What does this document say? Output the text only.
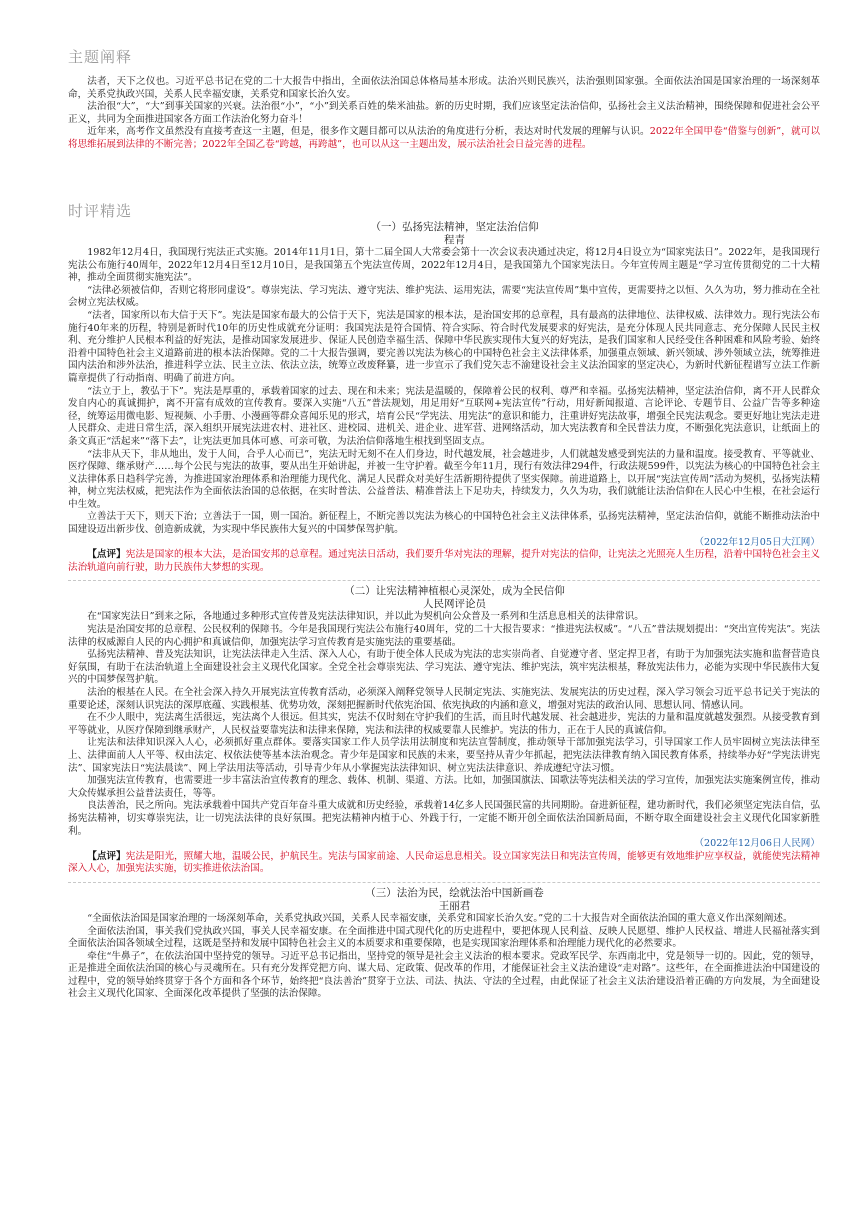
主题阐释

法者，天下之仪也。习近平总书记在党的二十大报告中指出，全面依法治国总体格局基本形成。法治兴则民族兴，法治强则国家强。全面依法治国是国家治理的一场深刻革命，关系党执政兴国，关系人民幸福安康，关系党和国家长治久安。

法治很“大”，“大”到事关国家的兴衰。法治很“小”，“小”到关系百姓的柴米油盐。新的历史时期，我们应该坚定法治信仰，弘扬社会主义法治精神，围绕保障和促进社会公平正义，共同为全面推进国家各方面工作法治化努力奋斗！

近年来，高考作文虽然没有直接考查这一主题，但是，很多作文题目都可以从法治的角度进行分析，表达对时代发展的理解与认识。2022年全国甲卷“借鉴与创新”，就可以将思维拓展到法律的不断完善；2022年全国乙卷“跨越，再跨越”，也可以从这一主题出发，展示法治社会日益完善的进程。

时评精选

（一）弘扬宪法精神，坚定法治信仰

程青

1982年12月4日，我国现行宪法正式实施。2014年11月1日，第十二届全国人大常委会第十一次会议表决通过决定，将12月4日设立为“国家宪法日”。2022年，是我国现行宪法公布施行40周年，2022年12月4日至12月10日，是我国第五个宪法宣传周，2022年12月4日，是我国第九个国家宪法日。今年宣传周主题是“学习宣传贯彻党的二十大精神，推动全面贯彻实施宪法”。

“法律必须被信仰，否则它将形同虚设”。尊崇宪法、学习宪法、遵守宪法、维护宪法、运用宪法，需要“宪法宣传周”集中宣传，更需要持之以恒、久久为功，努力推动在全社会树立宪法权威。

“法者，国家所以布大信于天下”。宪法是国家布最大的公信于天下，宪法是国家的根本法，是治国安邦的总章程，具有最高的法律地位、法律权威、法律效力。现行宪法公布施行40年来的历程，特别是新时代10年的历史性成就充分证明：我国宪法是符合国情、符合实际、符合时代发展要求的好宪法，是充分体现人民共同意志、充分保障人民民主权利、充分维护人民根本利益的好宪法，是推动国家发展进步、保证人民创造幸福生活、保障中华民族实现伟大复兴的好宪法，是我们国家和人民经受住各种困难和风险考验、始终沿着中国特色社会主义道路前进的根本法治保障。党的二十大报告强调，要完善以宪法为核心的中国特色社会主义法律体系，加强重点领域、新兴领域、涉外领域立法，统筹推进国内法治和涉外法治，推进科学立法、民主立法、依法立法，统筹立改废释纂，进一步宣示了我们党矢志不渝建设社会主义法治国家的坚定决心，为新时代新征程谱写立法工作新篇章提供了行动指南、明确了前进方向。

“法立于上，教弘于下”。宪法是厚重的，承载着国家的过去、现在和未来；宪法是温暖的，保障着公民的权利、尊严和幸福。弘扬宪法精神，坚定法治信仰，离不开人民群众发自内心的真诚拥护，离不开富有成效的宣传教育。要深入实施“八五”普法规划，用足用好“互联网+宪法宣传”行动，用好新闻报道、言论评论、专题节目、公益广告等多种途径，统筹运用微电影、短视频、小手册、小漫画等群众喜闻乐见的形式，培育公民“学宪法、用宪法”的意识和能力，注重讲好宪法故事，增强全民宪法观念。要更好地让宪法走进人民群众、走进日常生活，深入组织开展宪法进农村、进社区、进校园、进机关、进企业、进军营、进网络活动，加大宪法教育和全民普法力度，不断强化宪法意识，让纸面上的条文真正“活起来”“落下去”，让宪法更加具体可感、可亲可敬，为法治信仰落地生根找到坚固支点。

“法非从天下，非从地出，发于人间，合乎人心而已”，宪法无时无刻不在人们身边，时代越发展，社会越进步，人们就越发感受到宪法的力量和温度。接受教育、平等就业、医疗保障、继承财产……每个公民与宪法的故事，要从出生开始讲起，并被一生守护着。截至今年11月，现行有效法律294件，行政法规599件，以宪法为核心的中国特色社会主义法律体系日趋科学完善，为推进国家治理体系和治理能力现代化、满足人民群众对美好生活新期待提供了坚实保障。前进道路上，以开展“宪法宣传周”活动为契机，弘扬宪法精神，树立宪法权威，把宪法作为全面依法治国的总依据，在实时普法、公益普法、精准普法上下足功夫，持续发力，久久为功，我们就能让法治信仰在人民心中生根，在社会运行中生效。

立善法于天下，则天下治；立善法于一国，则一国治。新征程上，不断完善以宪法为核心的中国特色社会主义法律体系，弘扬宪法精神，坚定法治信仰，就能不断推动法治中国建设迈出新步伐、创造新成就，为实现中华民族伟大复兴的中国梦保驾护航。

（2022年12月05日大江网）

【点评】宪法是国家的根本大法，是治国安邦的总章程。通过宪法日活动，我们要升华对宪法的理解，提升对宪法的信仰，让宪法之光照亮人生历程，沿着中国特色社会主义法治轨道向前行驶，助力民族伟大梦想的实现。

（二）让宪法精神植根心灵深处，成为全民信仰

人民网评论员

在“国家宪法日”到来之际，各地通过多种形式宣传普及宪法法律知识，并以此为契机向公众普及一系列和生活息息相关的法律常识。

宪法是治国安邦的总章程、公民权利的保障书。今年是我国现行宪法公布施行40周年，党的二十大报告要求：“推进宪法权威”。“八五”普法规划提出：“突出宣传宪法”。宪法法律的权威源自人民的内心拥护和真诚信仰，加强宪法学习宣传教育是实施宪法的重要基础。

弘扬宪法精神、普及宪法知识，让宪法法律走入生活、深入人心，有助于使全体人民成为宪法的忠实崇尚者、自觉遵守者、坚定捍卫者，有助于为加强宪法实施和监督营造良好氛围，有助于在法治轨道上全面建设社会主义现代化国家。全党全社会尊崇宪法、学习宪法、遵守宪法、维护宪法，筑牢宪法根基，释放宪法伟力，必能为实现中华民族伟大复兴的中国梦保驾护航。

法治的根基在人民。在全社会深入持久开展宪法宣传教育活动，必须深入阐释党领导人民制定宪法、实施宪法、发展宪法的历史过程，深入学习领会习近平总书记关于宪法的重要论述，深刻认识宪法的深厚底蕴、实践根基、优势功效，深刻把握新时代依宪治国、依宪执政的内涵和意义，增强对宪法的政治认同、思想认同、情感认同。

在不少人眼中，宪法离生活很远，宪法离个人很远。但其实，宪法不仅时刻在守护我们的生活，而且时代越发展、社会越进步，宪法的力量和温度就越发强烈。从接受教育到平等就业，从医疗保障到继承财产，人民权益要靠宪法和法律来保障，宪法和法律的权威要靠人民维护。宪法的伟力，正在于人民的真诚信仰。

让宪法和法律知识深入人心，必须抓好重点群体。要落实国家工作人员学法用法制度和宪法宣誓制度，推动领导干部加强宪法学习，引导国家工作人员牢固树立宪法法律至上、法律面前人人平等、权由法定、权依法使等基本法治观念。青少年是国家和民族的未来，要坚持从青少年抓起，把宪法法律教育纳入国民教育体系，持续举办好“学宪法讲宪法”、国家宪法日“宪法晨读”、网上学法用法等活动，引导青少年从小掌握宪法法律知识、树立宪法法律意识、养成遵纪守法习惯。

加强宪法宣传教育，也需要进一步丰富法治宣传教育的理念、载体、机制、渠道、方法。比如，加强国旗法、国歌法等宪法相关法的学习宣传，加强宪法实施案例宣传，推动大众传媒承担公益普法责任，等等。

良法善治，民之所向。宪法承载着中国共产党百年奋斗重大成就和历史经验，承载着14亿多人民国强民富的共同期盼。奋进新征程，建功新时代，我们必须坚定宪法自信，弘扬宪法精神，切实尊崇宪法，让一切宪法法律的良好氛围。把宪法精神内植于心、外践于行，一定能不断开创全面依法治国新局面，不断夺取全面建设社会主义现代化国家新胜利。

（2022年12月06日人民网）

【点评】宪法是阳光，照耀大地，温暖公民，护航民生。宪法与国家前途、人民命运息息相关。设立国家宪法日和宪法宣传周，能够更有效地维护应享权益，就能使宪法精神深入人心，加强宪法实施，切实推进依法治国。

（三）法治为民，绘就法治中国新画卷

王丽君

“全面依法治国是国家治理的一场深刻革命，关系党执政兴国，关系人民幸福安康，关系党和国家长治久安。”党的二十大报告对全面依法治国的重大意义作出深刻阐述。

全面依法治国，事关我们党执政兴国，事关人民幸福安康。在全面推进中国式现代化的历史进程中，要把体现人民利益、反映人民愿望、维护人民权益、增进人民福祉落实到全面依法治国各领域全过程，这既是坚持和发展中国特色社会主义的本质要求和重要保障，也是实现国家治理体系和治理能力现代化的必然要求。

牵住“牛鼻子”，在依法治国中坚持党的领导。习近平总书记指出，坚持党的领导是社会主义法治的根本要求。党政军民学、东西南北中，党是领导一切的。因此，党的领导，正是推进全面依法治国的核心与灵魂所在。只有充分发挥党把方向、谋大局、定政策、促改革的作用，才能保证社会主义法治建设“走对路”。这些年，在全面推进法治中国建设的过程中，党的领导始终贯穿于各个方面和各个环节，始终把“良法善治”贯穿于立法、司法、执法、守法的全过程，由此保证了社会主义法治建设沿着正确的方向发展，为全面建设社会主义现代化国家、全面深化改革提供了坚强的法治保障。
